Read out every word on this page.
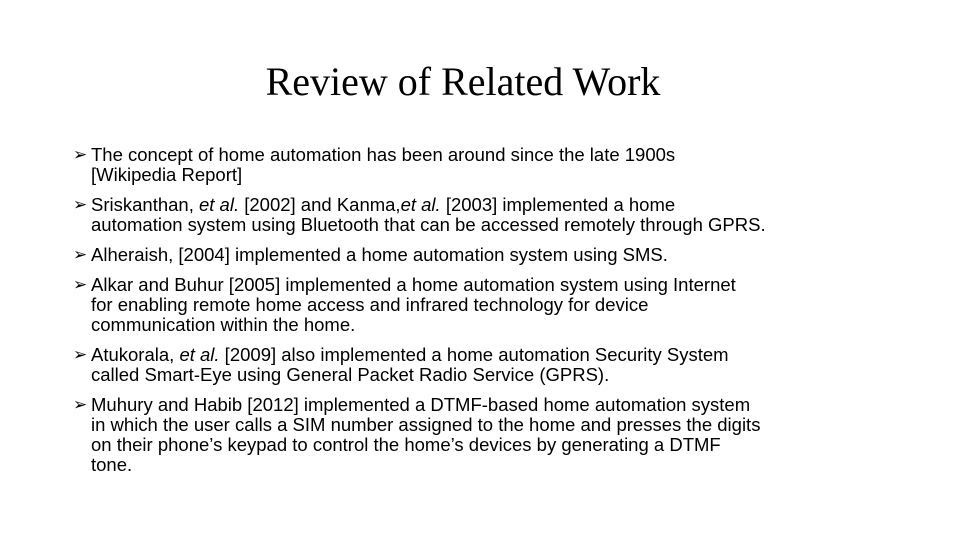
Review of Related Work
➢ The concept of home automation has been around since the late 1900s
[Wikipedia Report]
➢ Sriskanthan, et al. [2002] and Kanma,et al. [2003] implemented a home
automation system using Bluetooth that can be accessed remotely through GPRS.
➢ Alheraish, [2004] implemented a home automation system using SMS.
➢ Alkar and Buhur [2005] implemented a home automation system using Internet
for enabling remote home access and infrared technology for device
communication within the home.
➢ Atukorala, et al. [2009] also implemented a home automation Security System
called Smart-Eye using General Packet Radio Service (GPRS).
➢ Muhury and Habib [2012] implemented a DTMF-based home automation system
in which the user calls a SIM number assigned to the home and presses the digits
on their phone’s keypad to control the home’s devices by generating a DTMF
tone.
